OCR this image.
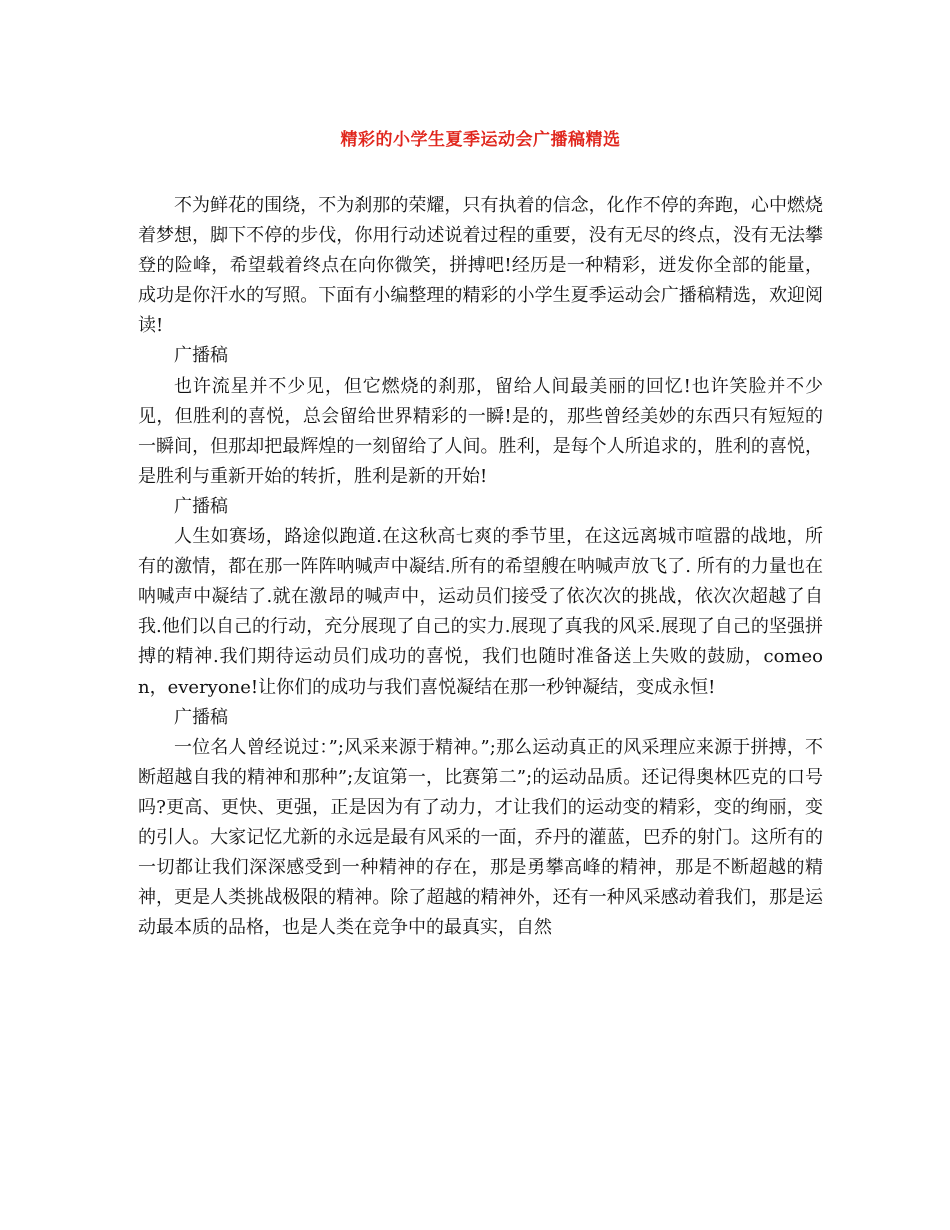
精彩的小学生夏季运动会广播稿精选

不为鲜花的围绕，不为刹那的荣耀，只有执着的信念，化作不停的奔跑，心中燃烧着梦想，脚下不停的步伐，你用行动述说着过程的重要，没有无尽的终点，没有无法攀登的险峰，希望载着终点在向你微笑，拼搏吧!经历是一种精彩，迸发你全部的能量，成功是你汗水的写照。下面有小编整理的精彩的小学生夏季运动会广播稿精选，欢迎阅读!

广播稿

也许流星并不少见，但它燃烧的刹那，留给人间最美丽的回忆!也许笑脸并不少见，但胜利的喜悦，总会留给世界精彩的一瞬!是的，那些曾经美妙的东西只有短短的一瞬间，但那却把最辉煌的一刻留给了人间。胜利，是每个人所追求的，胜利的喜悦，是胜利与重新开始的转折，胜利是新的开始!

广播稿

人生如赛场，路途似跑道.在这秋高七爽的季节里，在这远离城市喧嚣的战地，所有的激情，都在那一阵阵呐喊声中凝结.所有的希望艘在呐喊声放飞了. 所有的力量也在呐喊声中凝结了.就在激昂的喊声中，运动员们接受了依次次的挑战，依次次超越了自我.他们以自己的行动，充分展现了自己的实力.展现了真我的风采.展现了自己的坚强拼搏的精神.我们期待运动员们成功的喜悦，我们也随时准备送上失败的鼓励，comeon，everyone!让你们的成功与我们喜悦凝结在那一秒钟凝结，变成永恒!

广播稿

一位名人曾经说过：”;风采来源于精神。”;那么运动真正的风采理应来源于拼搏，不断超越自我的精神和那种”;友谊第一，比赛第二”;的运动品质。还记得奥林匹克的口号吗?更高、更快、更强，正是因为有了动力，才让我们的运动变的精彩，变的绚丽，变的引人。大家记忆尤新的永远是最有风采的一面，乔丹的灌蓝，巴乔的射门。这所有的一切都让我们深深感受到一种精神的存在，那是勇攀高峰的精神，那是不断超越的精神，更是人类挑战极限的精神。除了超越的精神外，还有一种风采感动着我们，那是运动最本质的品格，也是人类在竞争中的最真实，自然
